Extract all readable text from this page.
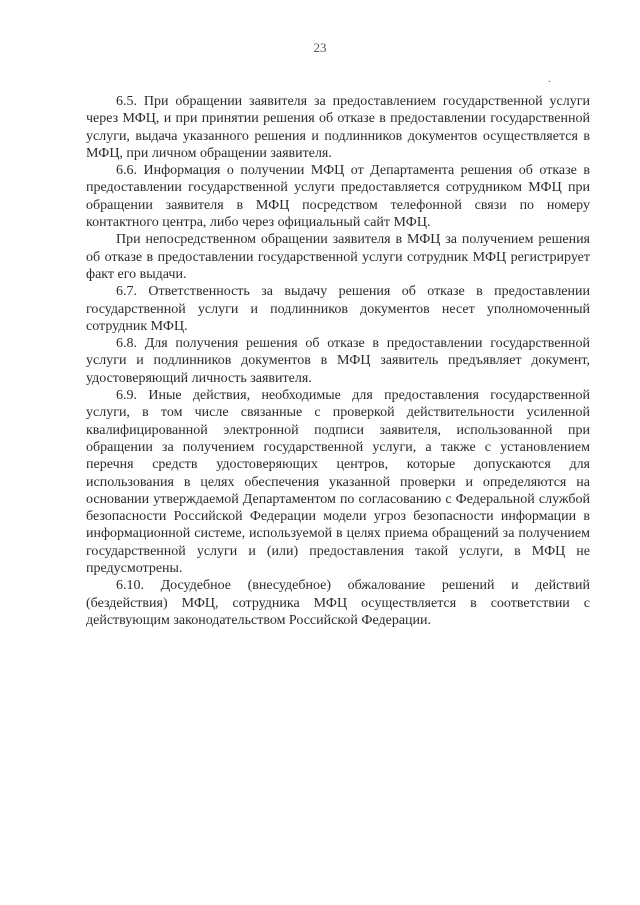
23
.

6.5. При обращении заявителя за предоставлением государственной услуги через МФЦ, и при принятии решения об отказе в предоставлении государственной услуги, выдача указанного решения и подлинников документов осуществляется в МФЦ, при личном обращении заявителя.

6.6. Информация о получении МФЦ от Департамента решения об отказе в предоставлении государственной услуги предоставляется сотрудником МФЦ при обращении заявителя в МФЦ посредством телефонной связи по номеру контактного центра, либо через официальный сайт МФЦ.

При непосредственном обращении заявителя в МФЦ за получением решения об отказе в предоставлении государственной услуги сотрудник МФЦ регистрирует факт его выдачи.

6.7. Ответственность за выдачу решения об отказе в предоставлении государственной услуги и подлинников документов несет уполномоченный сотрудник МФЦ.

6.8. Для получения решения об отказе в предоставлении государственной услуги и подлинников документов в МФЦ заявитель предъявляет документ, удостоверяющий личность заявителя.

6.9. Иные действия, необходимые для предоставления государственной услуги, в том числе связанные с проверкой действительности усиленной квалифицированной электронной подписи заявителя, использованной при обращении за получением государственной услуги, а также с установлением перечня средств удостоверяющих центров, которые допускаются для использования в целях обеспечения указанной проверки и определяются на основании утверждаемой Департаментом по согласованию с Федеральной службой безопасности Российской Федерации модели угроз безопасности информации в информационной системе, используемой в целях приема обращений за получением государственной услуги и (или) предоставления такой услуги, в МФЦ не предусмотрены.

6.10. Досудебное (внесудебное) обжалование решений и действий (бездействия) МФЦ, сотрудника МФЦ осуществляется в соответствии с действующим законодательством Российской Федерации.
